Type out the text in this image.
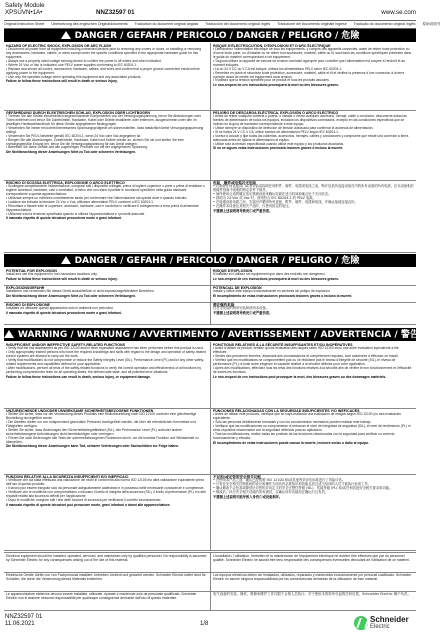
Safety Module
XPSUVN•1A•	NNZ32597 01	www.se.com
Original Instruction Sheet Übersetzung des englischen Originaldokuments Traduction du document original anglais Traducción del documento original inglés Traduzione del documento originale inglese Tradução do documento original inglês 原始说明书
DANGER / GEFAHR / PERICOLO / DANGER / PELIGRO / 危險
HAZARD OF ELECTRIC SHOCK, EXPLOSION OR ARC FLASH
• Disconnect all power from all equipment including connected devices prior to removing any covers or doors, or installing or removing any accessories, hardware, cables, or wires except under the specific conditions specified in the appropriate hardware guide for this equipment.
• Always use a properly rated voltage sensing device to confirm the power is off where and when indicated.
• Where 24 Vdc or Vac is indicated, use PELV power supplies conforming to IEC 60204-1.
• Replace and secure all covers, accessories, hardware, cables, and wires and confirm that a proper ground connection exists before applying power to the equipment.
• Use only the specified voltage when operating this equipment and any associated products.
Failure to follow these instructions will result in death or serious injury.
RISQUE D'ÉLECTROCUTION, D'EXPLOSION ET D'ARC ÉLECTRIQUE
• Débranchez l'alimentation électrique de tous les équipements, y compris des appareils connectés, avant de retirer toute protection ou d'ouvrir toute porte, ou d'installer ou de retirer tout accessoire, matériel, câble ou fil, sauf dans les conditions spécifiques précisées dans le guide du matériel correspondant à cet équipement.
• Toujours utiliser un appareil de mesure de tension nominale approprié pour contrôler que l'alimentation est coupée à l'endroit et au moment indiqués.
• Là où 24 V CC ou V CA est indiqué, utilisez les alimentations PELV selon IEC 60204-1.
• Remettez en place et sécurisez toute protection, accessoire, matériel, câble et fil et vérifiez la présence d'une connexion à la terre correcte avant de mettre cet équipement sous tension.
• N'utilisez que la tension spécifiée pour ce produit et tous les produits associés.
Le non-respect de ces instructions provoquera la mort ou des blessures graves.
GEFÄHRDUNG DURCH ELEKTRISCHEN SCHLAG, EXPLOSION ODER LICHTBOGEN
• Trennen Sie alle Geräte einschließlich angeschlossener Komponenten von der Versorgungsspannung, bevor Sie Abdeckungen oder Türen entfernen und bevor Sie Zubehörteile, Hardware, Kabel oder Drähte installieren oder entfernen, ausgenommen unter den im jeweiligen Hardwarehandbuch für diese Geräte angegebenen Bedingungen.
• Verwenden Sie immer ein korrekt bemessenes Spannungsprüfgerät um sicherzustellen, dass tatsächlich keine Versorgungsspannung anliegt.
• Verwenden Sie PELV-Netzteile gemäß IEC 60204-1, wenn 24 Vdc oder Vac angegeben ist.
• Bringen Sie alle Abdeckungen, Zubehörteile, Hardware, Kabel und Drähte wieder an, sichern Sie sie und stellen Sie eine ordnungsgemäße Erdung her, bevor Sie die Versorgungsspannung für das Gerät anlegen.
• Betreiben Sie diese Geräte und alle zugehörigen Produkte nur mit der angegebenen Spannung.
Die Nichtbeachtung dieser Anweisungen führt zu Tod oder schweren Verletzungen.
PELIGRO DE DESCARGA ELÉCTRICA, EXPLOSIÓN O ARCO ELÉCTRICO
• Antes de retirar cualquier cubierta o puerta, o instalar o retirar cualquier accesorio, herraje, cable o conductor, desconecte todas las fuentes de alimentación de todos los equipos, incluidos los dispositivos conectados, excepto en las condiciones específicas que se indican en la guía de hardware correspondiente a este equipo.
• Utilice siempre un dispositivo de detección de tensión adecuado para confirmar la ausencia de alimentación.
• Si se indica 24 V CC o CA, utilice fuentes de alimentación PELV según IEC 60204-1.
• Vuelva a colocar y fijar todas las cubiertas, accesorios, herrajes, cables y conductores y compruebe que existe una conexión a tierra adecuada antes de aplicar la alimentación al equipo.
• Utilice sólo la tensión especificada cuando utilice este equipo y los productos asociados.
Si no se siguen estas instrucciones provocará lesiones graves o incluso la muerte.
RISCHIO DI SCOSSA ELETTRICA, ESPLOSIONE O ARCO ELETTRICO
• Scollegare completamente l'alimentazione, compresi tutti i dispositivi collegati, prima di togliere coperture o porte o prima di installare o togliere accessori, hardware, cavi o conduttori, a meno che non siano riportate le condizioni specifiche nella guida hardware corrispondente a questa apparecchiatura.
• Utilizzare sempre un voltmetro correttamente tarato per confermare che l'alimentazione sia spenta dove e quando indicato.
• Laddove sia indicata la tensione 24 Vcc o Vca, utilizzare alimentatori PELV conformi a IEC 60204-1.
• Rimontare e fissare tutte le coperture, accessori, hardware, cavi e conduttori e verificare il collegamento a terra prima di alimentare l'apparecchiatura.
• Utilizzare solo la tensione specificata quando si utilizza l'apparecchiatura e i prodotti associati.
Il mancato rispetto di queste istruzioni provocherà morte o gravi infortuni.
危险，爆炸或电弧闪光危险
• 在拆除任何盖板或门或者安装或拆除任何附件、硬件、电缆或电线之前，断开包括所连接设备在内的所有设备的所有电源，在本设备相应的硬件指南中说明的特定条件下除外。
• 始终使用合适的额定电压感测设备来确认电源在适当时间和地点处于关闭状态。
• 指明为 24 Vdc 或 Vac 时，使用符合 IEC 60204-1 的 PELV 电源。
• 在接通设备电源之前，先装回并紧固所有盖板、附件、硬件、电缆和电线，并确认接地连接良好。
• 在操作本设备及其相关产品时，仅使用指定的电压。
不遵循上述说明将导致死亡或严重伤害。
DANGER / GEFAHR / PERICOLO / DANGER / PELIGRO / 危險
POTENTIAL FOR EXPLOSION
Install and use this equipment in non-hazardous locations only.
Failure to follow these instructions will result in death or serious injury.
RISQUE D'EXPLOSION
N'installez et n'utilisez cet équipement que dans des endroits non dangereux.
Le non-respect de ces instructions provoquera la mort ou des blessures graves.
EXPLOSIONSGEFAHR
Installieren und verwenden Sie dieses Gerät ausschließlich in nicht-explosionsgefährdeten Bereichen.
Die Nichtbeachtung dieser Anweisungen führt zu Tod oder schweren Verletzungen.
POTENCIAL DE EXPLOSIÓN
Instale y utilice este equipo exclusivamente en sectores sin peligro de explosión.
El incumplimiento de estas instrucciones provocará lesiones graves o incluso la muerte.
RISCHIO DI ESPLOSIONE
Installare ed utilizzare questo apparecchio solo in ambienti non pericolosi.
Il mancato rispetto di queste istruzioni provocherà morte o gravi infortuni.
潜在爆炸危险
仅在无危险的场所安装和使用本设备。
不遵循上述说明将导致死亡或严重伤害。
WARNING / WARNUNG / AVVERTIMENTO / AVERTISSEMENT / ADVERTENCIA / 警告
INSUFFICIENT AND/OR INEFFECTIVE SAFETY-RELATED FUNCTIONS
• Verify that the risk assessment as per ISO 12100 and/or other equivalent assessment has been performed before this product is used.
• Only appropriately trained persons who have the required knowledge and skills with regard to the design and operation of safety-related control systems are allowed to carry out the work.
• Verify that modifications do not compromise or reduce the Safety Integrity Level (SIL), Performance Level (PL) and/or any other safety-related requirements and capabilities defined for your application.
• After modifications, perform all tests of the safety-related functions to verify the correct operation and effectiveness of all functions by performing comprehensive tests for all operating states, the defined safe state, and all potential error situations.
Failure to follow these instructions can result in death, serious injury, or equipment damage.
FONCTIONS RELATIVES À LA SÉCURITÉ INSUFFISANTES ET/OU INOPÉRATIVES
• Avant d'utiliser ce produit, vérifiez qu'une évaluation des risques selon ISO 12100 et/ou une autre évaluation équivalente a été effectuée.
• Seules des personnes formées, disposant des connaissances et compétences requises, sont autorisées à effectuer ce travail.
• Vérifiez que les modifications ne compromettent pas ou ne réduisent pas le niveau d'intégrité de sécurité (SIL), le niveau de performance (PL) ni toute autre exigence et capacité relative à la sécurité définies pour votre application.
• Après des modifications, effectuez tous les tests des fonctions relatives à la sécurité afin de vérifier le bon fonctionnement et l'efficacité de toutes les fonctions.
Le non-respect de ces instructions peut provoquer la mort, des blessures graves ou des dommages matériels.
UNZUREICHENDE UND/ODER UNWIRKSAME SICHERHEITSBEZOGENE FUNKTIONEN
• Stellen Sie sicher, dass vor der Verwendung dieses Produkts eine Risikobeurteilung nach ISO 12100 und/oder eine gleichwertige Beurteilung durchgeführt wurde.
• Die Arbeiten dürfen nur von entsprechend geschulten Personen durchgeführt werden, die über die erforderlichen Kenntnisse und Fähigkeiten verfügen.
• Stellen Sie sicher, dass Änderungen den Sicherheitsintegritätslevel (SIL), den Performance Level (PL) und/oder andere sicherheitsbezogene Anforderungen nicht beeinträchtigen oder verringern.
• Führen Sie nach Änderungen alle Tests der sicherheitsbezogenen Funktionen durch, um die korrekte Funktion und Wirksamkeit zu überprüfen.
Die Nichtbeachtung dieser Anweisungen kann Tod, schwere Verletzungen oder Sachschäden zur Folge haben.
FUNCIONES RELACIONADAS CON LA SEGURIDAD INSUFICIENTES Y/O INEFICACES
• Antes de utilizar este producto, verifique que se haya realizado una evaluación de riesgos según ISO 12100 y/u otra evaluación equivalente.
• Sólo las personas debidamente formadas y con los conocimientos necesarios pueden realizar este trabajo.
• Verifique que las modificaciones no comprometan ni reduzcan el nivel de integridad de seguridad (SIL), el nivel de rendimiento (PL) ni otros requisitos relacionados con la seguridad definidos para su aplicación.
• Tras las modificaciones, realice todas las pruebas de las funciones relacionadas con la seguridad para verificar su correcto funcionamiento y eficacia.
El incumplimiento de estas instrucciones puede causar la muerte, lesiones serias o daño al equipo.
FUNZIONI RELATIVE ALLA SICUREZZA INSUFFICIENTI E/O INEFFICACI
• Verificare che sia stata effettuata una valutazione dei rischi in conformità alla norma ISO 12100 e/o altra valutazione equivalente prima dell'uso di questo prodotto.
• Il lavoro può essere eseguito solo da personale adeguatamente addestrato e in possesso delle necessarie conoscenze e competenze.
• Verificare che le modifiche non compromettano o riducano il livello di integrità della sicurezza (SIL), il livello di performance (PL) e/o altri requisiti relativi alla sicurezza definiti per l'applicazione.
• Dopo le modifiche, eseguire tutti i test delle funzioni di sicurezza per verificarne il corretto funzionamento.
Il mancato rispetto di queste istruzioni può provocare morte, gravi infortuni o danni alle apparecchiature.
不足和/或无效的安全相关功能
• 在使用本产品之前，确认已经按照 ISO 12100 和/或其他等效评估标准进行了风险评估。
• 只有在安全相关控制系统的设计和操作方面具有必要知识和技能且经过适当培训的人员才能执行此项工作。
• 确认修改不会危害或降低针对您的应用定义的安全完整性等级 (SIL)、性能等级 (PL) 和/或任何其他安全相关要求和功能。
• 修改后，执行安全相关功能的所有测试，以确认所有功能均正确运行且有效。
不遵循上述说明可能导致人身伤亡或设备损坏。
Electrical equipment should be installed, operated, serviced, and maintained only by qualified personnel. No responsibility is assumed by Schneider Electric for any consequences arising out of the use of this material.
L'installation, l'utilisation, l'entretien et la maintenance de l'équipement électrique ne doivent être effectués que par du personnel qualifié. Schneider Electric ne saurait être tenu responsable des conséquences éventuelles découlant de l'utilisation de ce matériel.
Elektrische Geräte dürfen nur von Fachpersonal installiert, betrieben, bedient und gewartet werden. Schneider Electric haftet nicht für Schäden, die durch die Verwendung dieses Materials entstehen.
Los equipos eléctricos deben ser instalados, utilizados, reparados y mantenidos exclusivamente por personal cualificado. Schneider Electric no asume ninguna responsabilidad por las consecuencias derivadas de la utilización de este material.
Le apparecchiature elettriche devono essere installate, utilizzate, riparate e mantenute solo da personale qualificato. Schneider Electric non si assume nessuna responsabilità per qualunque conseguenza derivante dall'uso di questo materiale.
电气设备的安装、操作、维修和维护工作仅限于合格人员执行。对于使用本资料所引起的任何后果，Schneider Electric 概不负责。
NNZ32597 01
11.06.2021	1/8	Schneider
Electric
